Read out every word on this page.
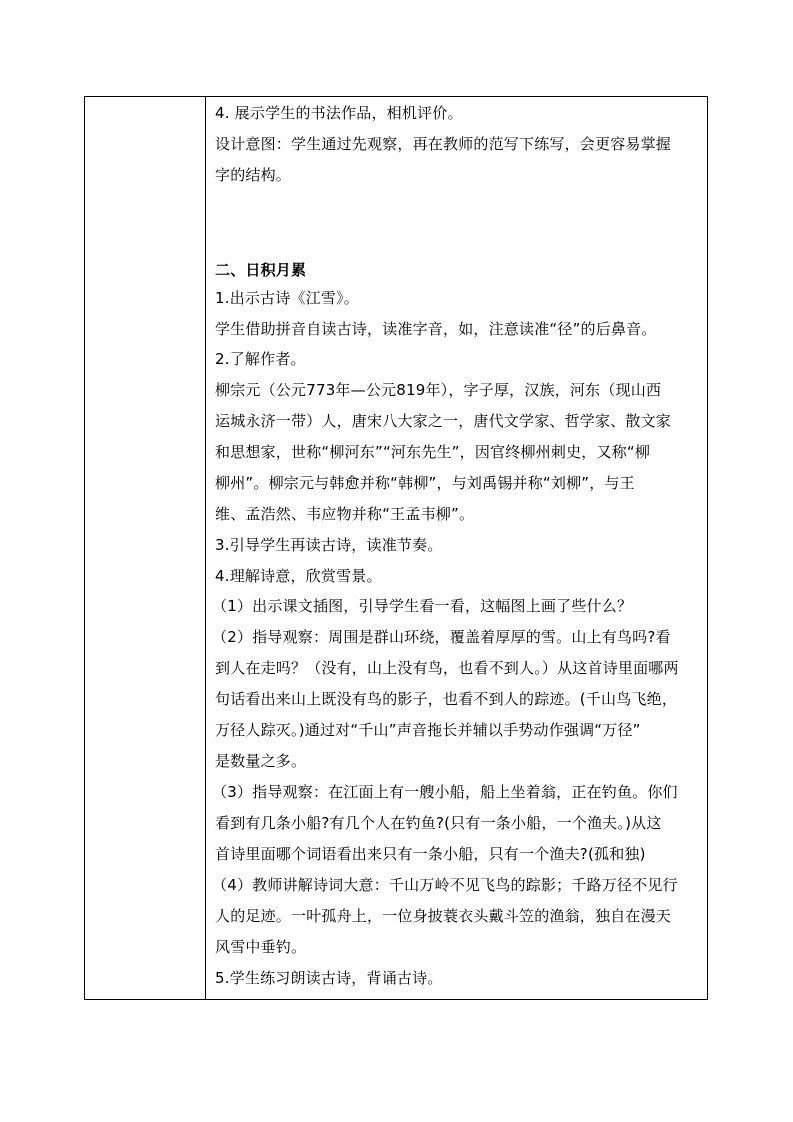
4. 展示学生的书法作品，相机评价。
设计意图：学生通过先观察，再在教师的范写下练写，会更容易掌握
字的结构。
二、日积月累
1.出示古诗《江雪》。
学生借助拼音自读古诗，读准字音，如，注意读准“径”的后鼻音。
2.了解作者。
柳宗元（公元773年—公元819年），字子厚，汉族，河东（现山西
运城永济一带）人，唐宋八大家之一，唐代文学家、哲学家、散文家
和思想家，世称“柳河东”“河东先生”，因官终柳州刺史，又称“柳
柳州”。柳宗元与韩愈并称“韩柳”，与刘禹锡并称“刘柳”，与王
维、孟浩然、韦应物并称“王孟韦柳”。
3.引导学生再读古诗，读准节奏。
4.理解诗意，欣赏雪景。
（1）出示课文插图，引导学生看一看，这幅图上画了些什么？
（2）指导观察：周围是群山环绕，覆盖着厚厚的雪。山上有鸟吗?看
到人在走吗？（没有，山上没有鸟，也看不到人。）从这首诗里面哪两
句话看出来山上既没有鸟的影子，也看不到人的踪迹。(千山鸟飞绝，
万径人踪灭。)通过对“千山”声音拖长并辅以手势动作强调“万径”
是数量之多。
（3）指导观察：在江面上有一艘小船，船上坐着翁，正在钓鱼。你们
看到有几条小船?有几个人在钓鱼?(只有一条小船，一个渔夫。)从这
首诗里面哪个词语看出来只有一条小船，只有一个渔夫?(孤和独)
（4）教师讲解诗词大意：千山万岭不见飞鸟的踪影；千路万径不见行
人的足迹。一叶孤舟上，一位身披蓑衣头戴斗笠的渔翁，独自在漫天
风雪中垂钓。
5.学生练习朗读古诗，背诵古诗。
